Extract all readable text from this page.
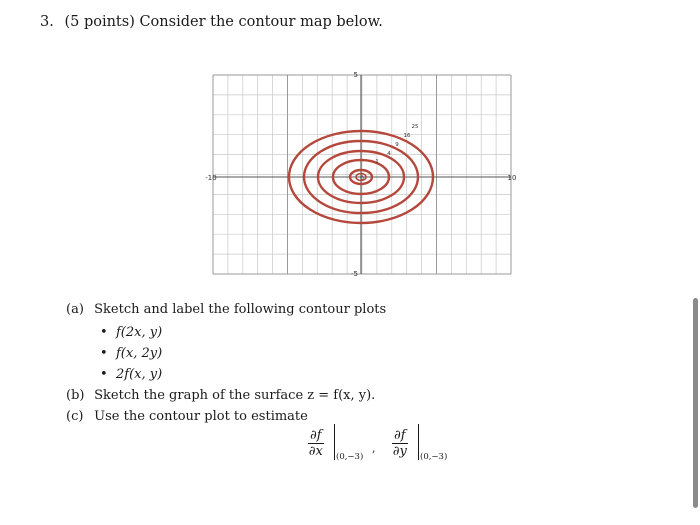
3. (5 points) Consider the contour map below.
-10	10
5
-5
0
1
4
9
16
25
(a) Sketch and label the following contour plots
• f(2x, y)
• f(x, 2y)
• 2f(x, y)
(b) Sketch the graph of the surface z = f(x, y).
(c) Use the contour plot to estimate
$\frac{\partial f}{\partial x} (0,-3)$
, $\frac{\partial f}{\partial y} (0,-3)$
